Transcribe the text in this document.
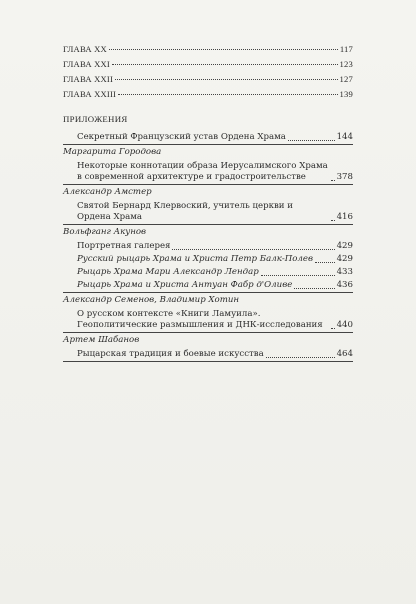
ГЛАВА XX	117
ГЛАВА XXI	123
ГЛАВА XXII	127
ГЛАВА XXIII	139
ПРИЛОЖЕНИЯ
Секретный Французский устав Ордена Храма	144
Маргарита Городова
Некоторые коннотации образа Иерусалимского Храма в современной архитектуре и градостроительстве	378
Александр Амстер
Святой Бернард Клервоский, учитель церкви и Ордена Храма	416
Вольфганг Акунов
Портретная галерея	429
Русский рыцарь Храма и Христа Петр Балк-Полев	429
Рыцарь Храма Мари Александр Лендар	433
Рыцарь Храма и Христа Антуан Фабр д'Оливе	436
Александр Семенов, Владимир Хотин
О русском контексте «Книги Ламуила». Геополитические размышления и ДНК-исследования	440
Артем Шабанов
Рыцарская традиция и боевые искусства	464
